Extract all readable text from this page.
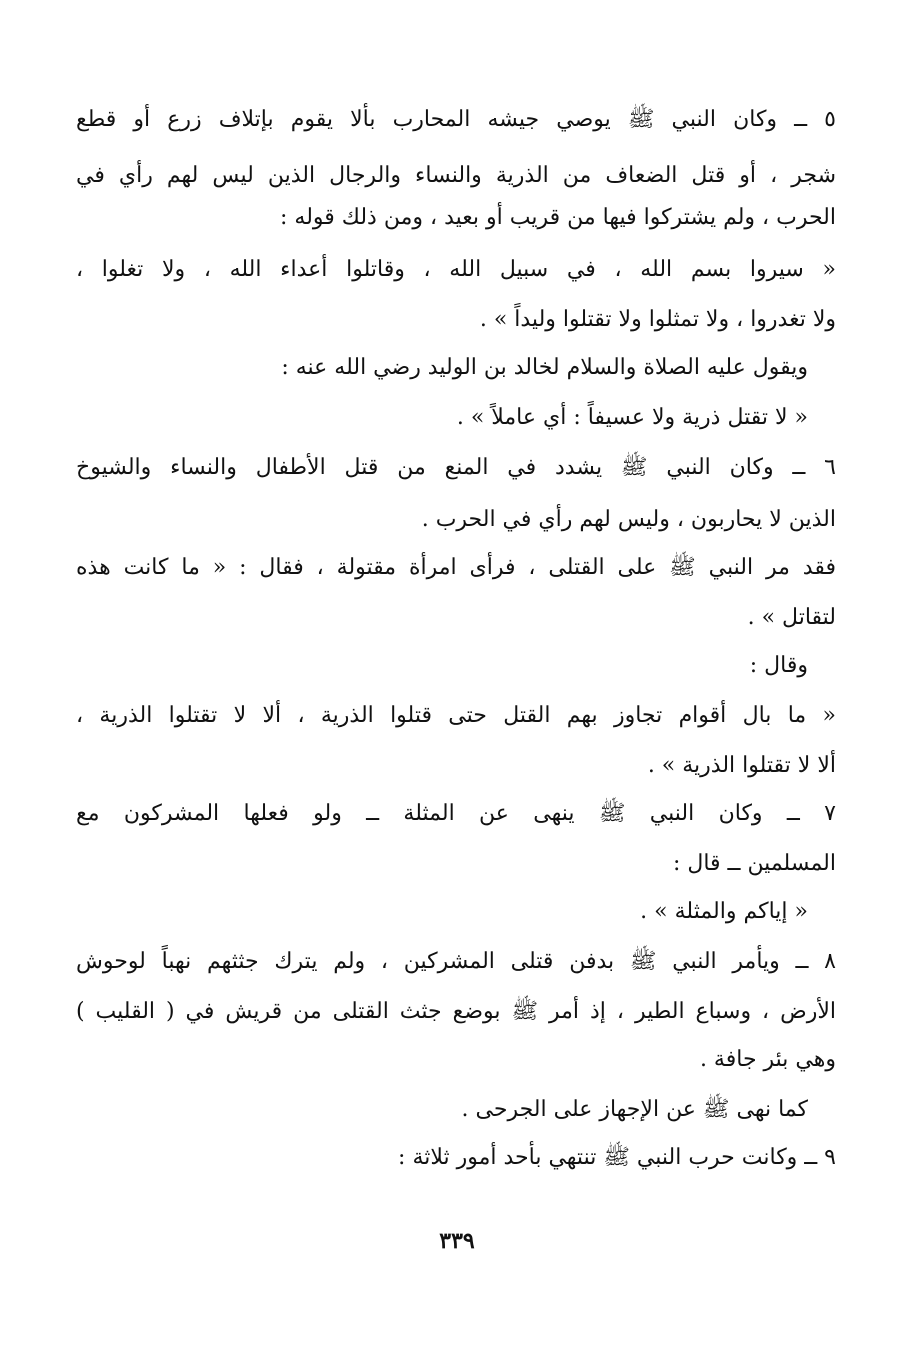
٥ ــ وكان النبي ﷺ يوصي جيشه المحارب بألا يقوم بإتلاف زرع أو قطع
شجر ، أو قتل الضعاف من الذرية والنساء والرجال الذين ليس لهم رأي في
الحرب ، ولم يشتركوا فيها من قريب أو بعيد ، ومن ذلك قوله :
« سيروا بسم الله ، في سبيل الله ، وقاتلوا أعداء الله ، ولا تغلوا ،
ولا تغدروا ، ولا تمثلوا ولا تقتلوا وليداً » .
ويقول عليه الصلاة والسلام لخالد بن الوليد رضي الله عنه :
« لا تقتل ذرية ولا عسيفاً : أي عاملاً » .
٦ ــ وكان النبي ﷺ يشدد في المنع من قتل الأطفال والنساء والشيوخ
الذين لا يحاربون ، وليس لهم رأي في الحرب .
فقد مر النبي ﷺ على القتلى ، فرأى امرأة مقتولة ، فقال : « ما كانت هذه
لتقاتل » .
وقال :
« ما بال أقوام تجاوز بهم القتل حتى قتلوا الذرية ، ألا لا تقتلوا الذرية ،
ألا لا تقتلوا الذرية » .
٧ ــ وكان النبي ﷺ ينهى عن المثلة ــ ولو فعلها المشركون مع
المسلمين ــ قال :
« إياكم والمثلة » .
٨ ــ ويأمر النبي ﷺ بدفن قتلى المشركين ، ولم يترك جثثهم نهباً لوحوش
الأرض ، وسباع الطير ، إذ أمر ﷺ بوضع جثث القتلى من قريش في ( القليب )
وهي بئر جافة .
كما نهى ﷺ عن الإجهاز على الجرحى .
٩ ــ وكانت حرب النبي ﷺ تنتهي بأحد أمور ثلاثة :
٣٣٩
